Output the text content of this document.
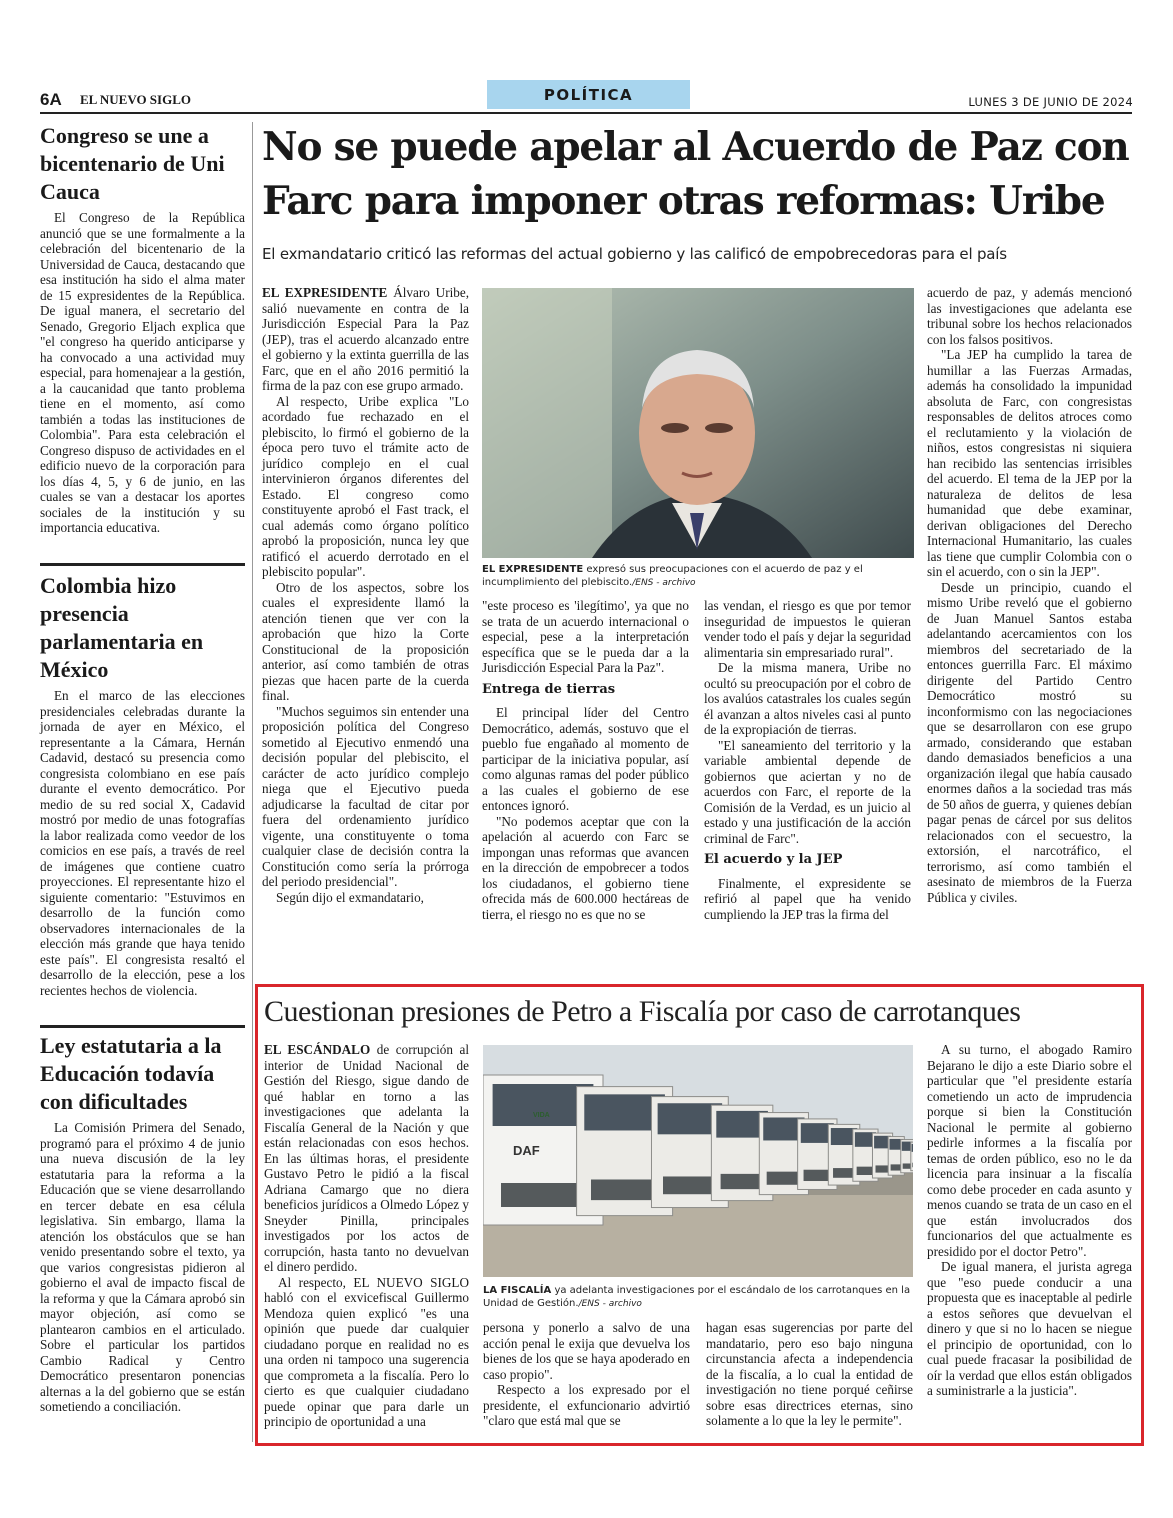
6A EL NUEVO SIGLO	POLÍTICA	LUNES 3 DE JUNIO DE 2024
Congreso se une a bicentenario de Uni Cauca

El Congreso de la República anunció que se une formalmente a la celebración del bicentenario de la Universidad de Cauca, destacando que esa institución ha sido el alma mater de 15 expresidentes de la República. De igual manera, el secretario del Senado, Gregorio Eljach explica que "el congreso ha querido anticiparse y ha convocado a una actividad muy especial, para homenajear a la gestión, a la caucanidad que tanto problema tiene en el momento, así como también a todas las instituciones de Colombia". Para esta celebración el Congreso dispuso de actividades en el edificio nuevo de la corporación para los días 4, 5, y 6 de junio, en las cuales se van a destacar los aportes sociales de la institución y su importancia educativa.

Colombia hizo presencia parlamentaria en México

En el marco de las elecciones presidenciales celebradas durante la jornada de ayer en México, el representante a la Cámara, Hernán Cadavid, destacó su presencia como congresista colombiano en ese país durante el evento democrático. Por medio de su red social X, Cadavid mostró por medio de unas fotografías la labor realizada como veedor de los comicios en ese país, a través de reel de imágenes que contiene cuatro proyecciones. El representante hizo el siguiente comentario: "Estuvimos en desarrollo de la función como observadores internacionales de la elección más grande que haya tenido este país". El congresista resaltó el desarrollo de la elección, pese a los recientes hechos de violencia.

Ley estatutaria a la Educación todavía con dificultades

La Comisión Primera del Senado, programó para el próximo 4 de junio una nueva discusión de la ley estatutaria para la reforma a la Educación que se viene desarrollando en tercer debate en esa célula legislativa. Sin embargo, llama la atención los obstáculos que se han venido presentando sobre el texto, ya que varios congresistas pidieron al gobierno el aval de impacto fiscal de la reforma y que la Cámara aprobó sin mayor objeción, así como se plantearon cambios en el articulado. Sobre el particular los partidos Cambio Radical y Centro Democrático presentaron ponencias alternas a la del gobierno que se están sometiendo a conciliación.

No se puede apelar al Acuerdo de Paz con Farc para imponer otras reformas: Uribe
El exmandatario criticó las reformas del actual gobierno y las calificó de empobrecedoras para el país

EL EXPRESIDENTE Álvaro Uribe, salió nuevamente en contra de la Jurisdicción Especial Para la Paz (JEP), tras el acuerdo alcanzado entre el gobierno y la extinta guerrilla de las Farc, que en el año 2016 permitió la firma de la paz con ese grupo armado.

Al respecto, Uribe explica "Lo acordado fue rechazado en el plebiscito, lo firmó el gobierno de la época pero tuvo el trámite acto de jurídico complejo en el cual intervinieron órganos diferentes del Estado. El congreso como constituyente aprobó el Fast track, el cual además como órgano político aprobó la proposición, nunca ley que ratificó el acuerdo derrotado en el plebiscito popular".

Otro de los aspectos, sobre los cuales el expresidente llamó la atención tienen que ver con la aprobación que hizo la Corte Constitucional de la proposición anterior, así como también de otras piezas que hacen parte de la cuerda final.

"Muchos seguimos sin entender una proposición política del Congreso sometido al Ejecutivo enmendó una decisión popular del plebiscito, el carácter de acto jurídico complejo niega que el Ejecutivo pueda adjudicarse la facultad de citar por fuera del ordenamiento jurídico vigente, una constituyente o toma cualquier clase de decisión contra la Constitución como sería la prórroga del periodo presidencial".

Según dijo el exmandatario,

EL EXPRESIDENTE expresó sus preocupaciones con el acuerdo de paz y el incumplimiento del plebiscito./ENS - archivo

"este proceso es 'ilegítimo', ya que no se trata de un acuerdo internacional o especial, pese a la interpretación específica que se le pueda dar a la Jurisdicción Especial Para la Paz".

Entrega de tierras

El principal líder del Centro Democrático, además, sostuvo que el pueblo fue engañado al momento de participar de la iniciativa popular, así como algunas ramas del poder público a las cuales el gobierno de ese entonces ignoró.

"No podemos aceptar que con la apelación al acuerdo con Farc se impongan unas reformas que avancen en la dirección de empobrecer a todos los ciudadanos, el gobierno tiene ofrecida más de 600.000 hectáreas de tierra, el riesgo no es que no se

las vendan, el riesgo es que por temor inseguridad de impuestos le quieran vender todo el país y dejar la seguridad alimentaria sin empresariado rural".

De la misma manera, Uribe no ocultó su preocupación por el cobro de los avalúos catastrales los cuales según él avanzan a altos niveles casi al punto de la expropiación de tierras.

"El saneamiento del territorio y la variable ambiental depende de gobiernos que aciertan y no de acuerdos con Farc, el reporte de la Comisión de la Verdad, es un juicio al estado y una justificación de la acción criminal de Farc".

El acuerdo y la JEP

Finalmente, el expresidente se refirió al papel que ha venido cumpliendo la JEP tras la firma del

acuerdo de paz, y además mencionó las investigaciones que adelanta ese tribunal sobre los hechos relacionados con los falsos positivos.

"La JEP ha cumplido la tarea de humillar a las Fuerzas Armadas, además ha consolidado la impunidad absoluta de Farc, con congresistas responsables de delitos atroces como el reclutamiento y la violación de niños, estos congresistas ni siquiera han recibido las sentencias irrisibles del acuerdo. El tema de la JEP por la naturaleza de delitos de lesa humanidad que debe examinar, derivan obligaciones del Derecho Internacional Humanitario, las cuales las tiene que cumplir Colombia con o sin el acuerdo, con o sin la JEP".

Desde un principio, cuando el mismo Uribe reveló que el gobierno de Juan Manuel Santos estaba adelantando acercamientos con los miembros del secretariado de la entonces guerrilla Farc. El máximo dirigente del Partido Centro Democrático mostró su inconformismo con las negociaciones que se desarrollaron con ese grupo armado, considerando que estaban dando demasiados beneficios a una organización ilegal que había causado enormes daños a la sociedad tras más de 50 años de guerra, y quienes debían pagar penas de cárcel por sus delitos relacionados con el secuestro, la extorsión, el narcotráfico, el terrorismo, así como también el asesinato de miembros de la Fuerza Pública y civiles.

Cuestionan presiones de Petro a Fiscalía por caso de carrotanques

EL ESCÁNDALO de corrupción al interior de Unidad Nacional de Gestión del Riesgo, sigue dando de qué hablar en torno a las investigaciones que adelanta la Fiscalía General de la Nación y que están relacionadas con esos hechos. En las últimas horas, el presidente Gustavo Petro le pidió a la fiscal Adriana Camargo que no diera beneficios jurídicos a Olmedo López y Sneyder Pinilla, principales investigados por los actos de corrupción, hasta tanto no devuelvan el dinero perdido.

Al respecto, EL NUEVO SIGLO habló con el exvicefiscal Guillermo Mendoza quien explicó "es una opinión que puede dar cualquier ciudadano porque en realidad no es una orden ni tampoco una sugerencia que comprometa a la fiscalía. Pero lo cierto es que cualquier ciudadano puede opinar que para darle un principio de oportunidad a una

DAF
VIDA
LA FISCALÍA ya adelanta investigaciones por el escándalo de los carrotanques en la Unidad de Gestión./ENS - archivo

persona y ponerlo a salvo de una acción penal le exija que devuelva los bienes de los que se haya apoderado en caso propio".

Respecto a los expresado por el presidente, el exfuncionario advirtió "claro que está mal que se

hagan esas sugerencias por parte del mandatario, pero eso bajo ninguna circunstancia afecta a independencia de la fiscalía, a lo cual la entidad de investigación no tiene porqué ceñirse sobre esas directrices eternas, sino solamente a lo que la ley le permite".

A su turno, el abogado Ramiro Bejarano le dijo a este Diario sobre el particular que "el presidente estaría cometiendo un acto de imprudencia porque si bien la Constitución Nacional le permite al gobierno pedirle informes a la fiscalía por temas de orden público, eso no le da licencia para insinuar a la fiscalía como debe proceder en cada asunto y menos cuando se trata de un caso en el que están involucrados dos funcionarios del que actualmente es presidido por el doctor Petro".

De igual manera, el jurista agrega que "eso puede conducir a una propuesta que es inaceptable al pedirle a estos señores que devuelvan el dinero y que si no lo hacen se niegue el principio de oportunidad, con lo cual puede fracasar la posibilidad de oír la verdad que ellos están obligados a suministrarle a la justicia".
